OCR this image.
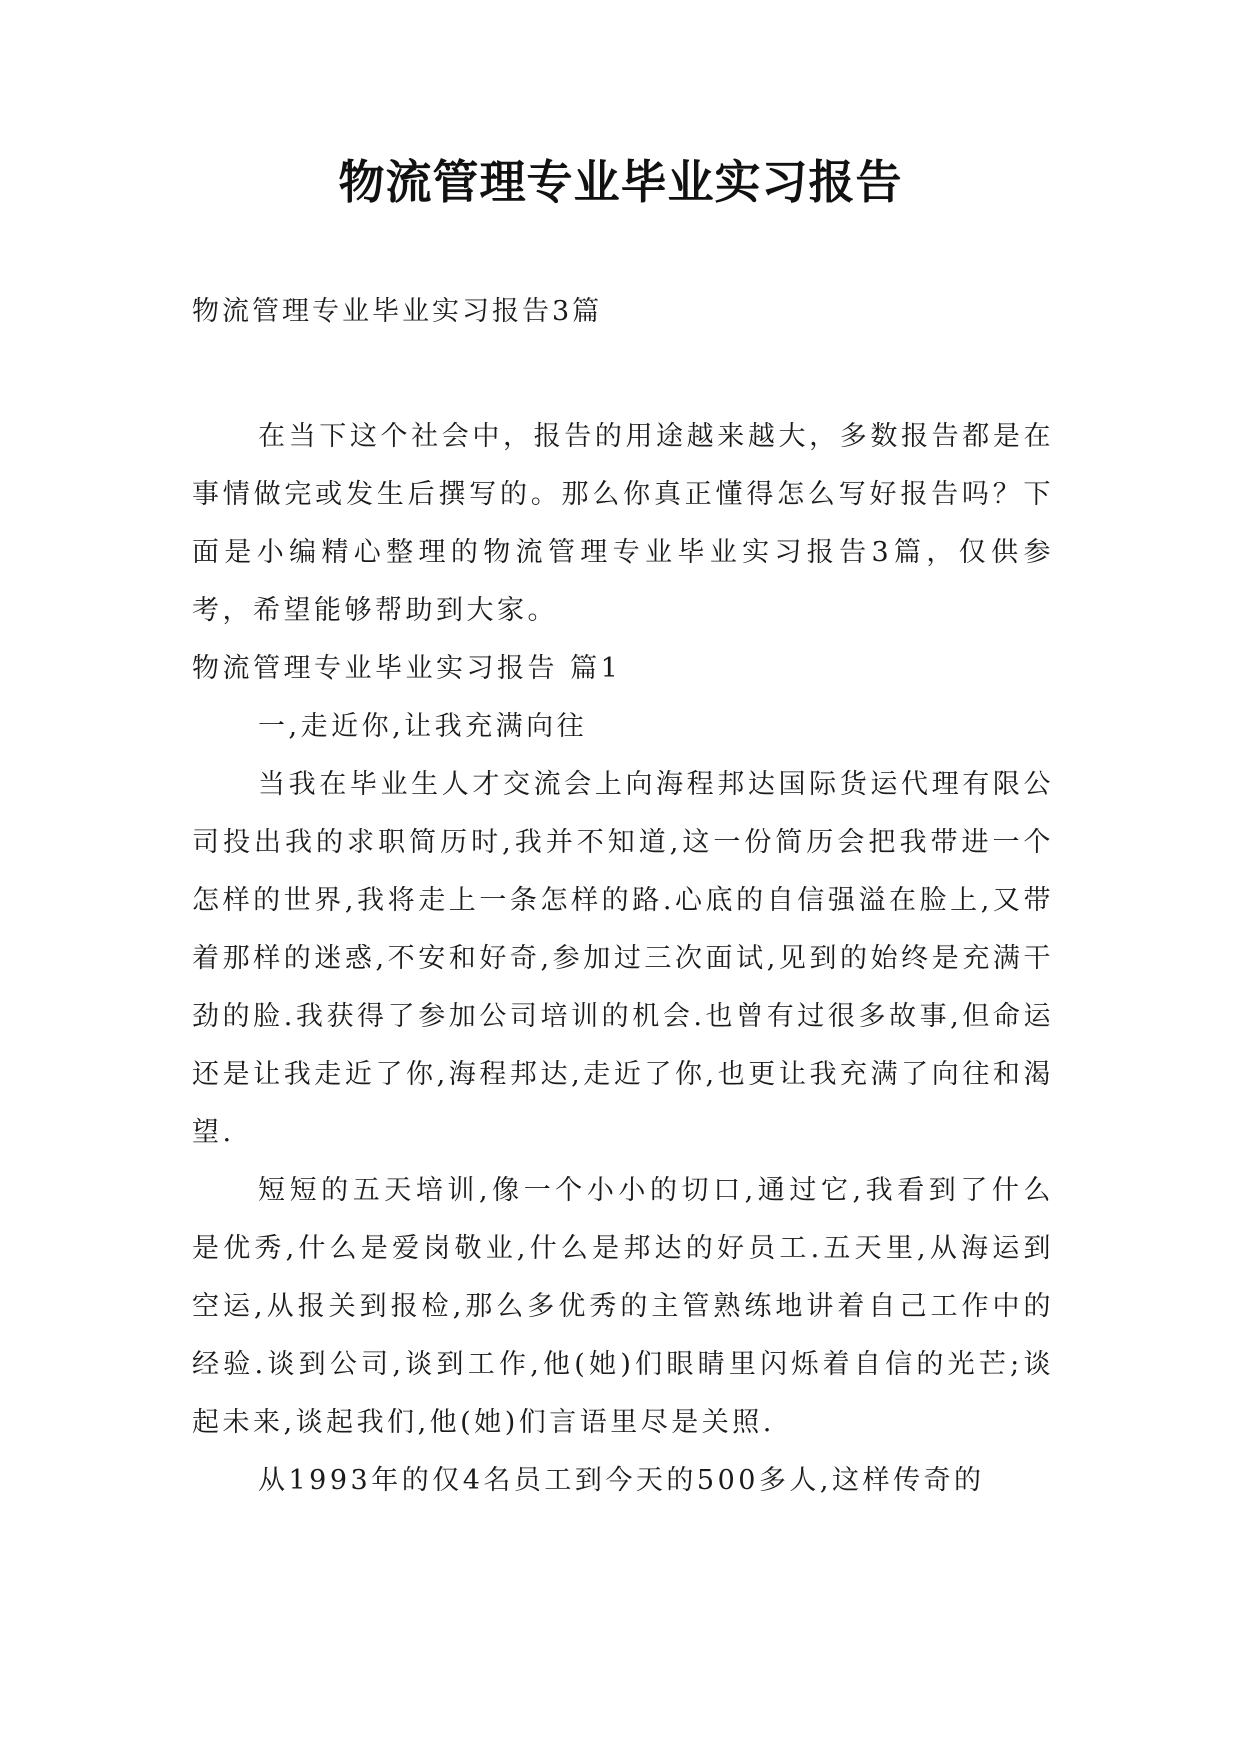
物流管理专业毕业实习报告
物流管理专业毕业实习报告3篇

在当下这个社会中，报告的用途越来越大，多数报告都是在事情做完或发生后撰写的。那么你真正懂得怎么写好报告吗？下面是小编精心整理的物流管理专业毕业实习报告3篇，仅供参考，希望能够帮助到大家。

物流管理专业毕业实习报告 篇1

一,走近你,让我充满向往

当我在毕业生人才交流会上向海程邦达国际货运代理有限公司投出我的求职简历时,我并不知道,这一份简历会把我带进一个怎样的世界,我将走上一条怎样的路.心底的自信强溢在脸上,又带着那样的迷惑,不安和好奇,参加过三次面试,见到的始终是充满干劲的脸.我获得了参加公司培训的机会.也曾有过很多故事,但命运还是让我走近了你,海程邦达,走近了你,也更让我充满了向往和渴望.

短短的五天培训,像一个小小的切口,通过它,我看到了什么是优秀,什么是爱岗敬业,什么是邦达的好员工.五天里,从海运到空运,从报关到报检,那么多优秀的主管熟练地讲着自己工作中的经验.谈到公司,谈到工作,他(她)们眼睛里闪烁着自信的光芒;谈起未来,谈起我们,他(她)们言语里尽是关照.

从1993年的仅4名员工到今天的500多人,这样传奇的
